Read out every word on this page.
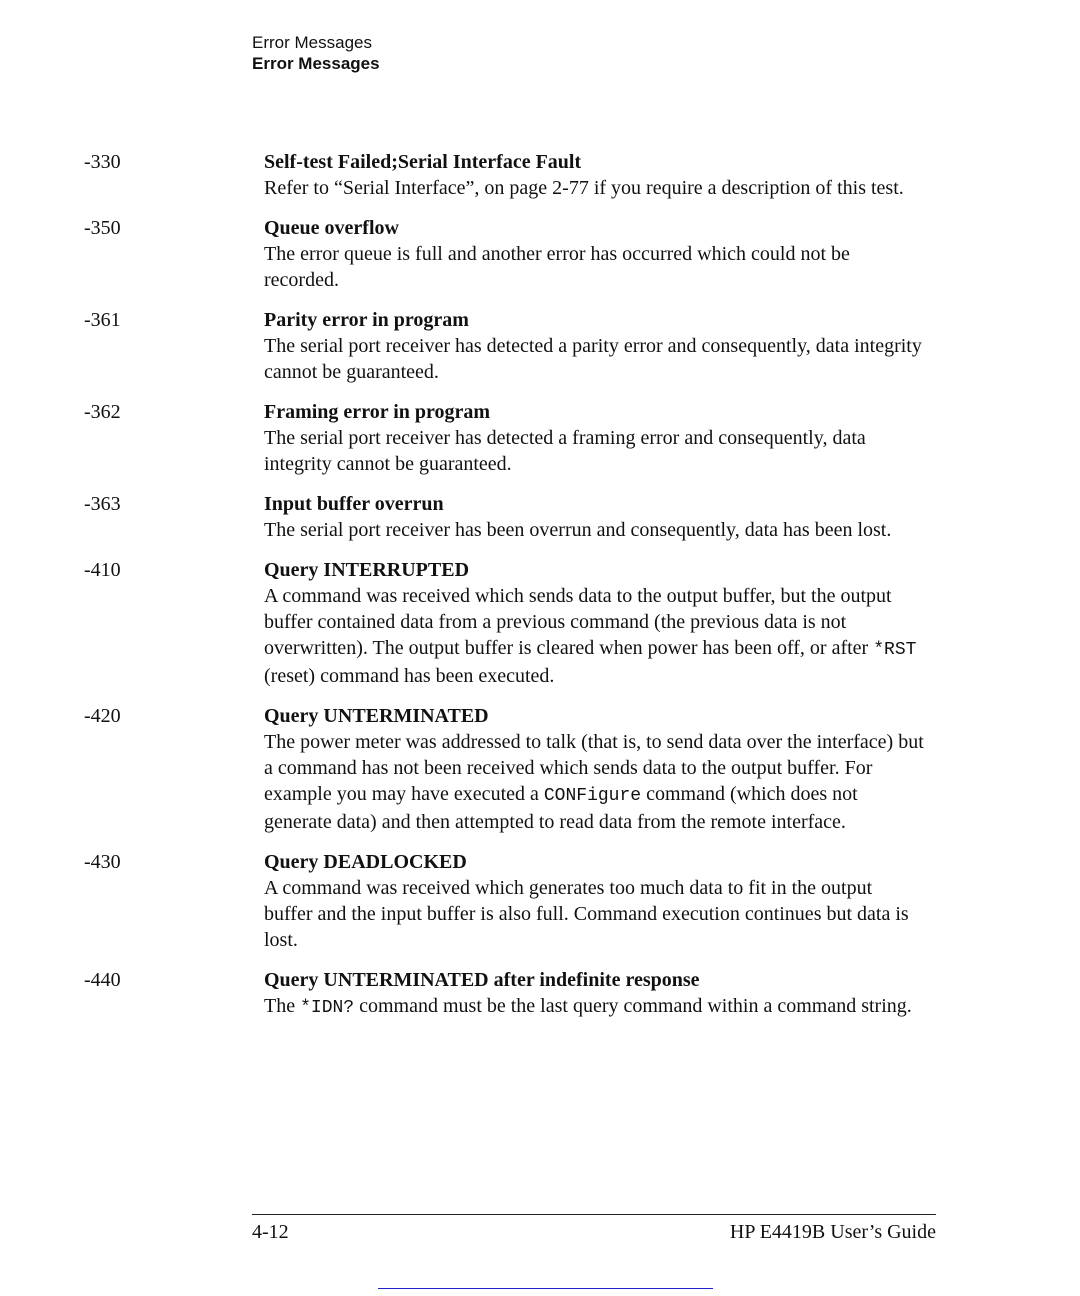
Error Messages
Error Messages
-330	Self-test Failed;Serial Interface Fault
Refer to “Serial Interface”, on page 2-77 if you require a description of this test.
-350	Queue overflow
The error queue is full and another error has occurred which could not be recorded.
-361	Parity error in program
The serial port receiver has detected a parity error and consequently, data integrity cannot be guaranteed.
-362	Framing error in program
The serial port receiver has detected a framing error and consequently, data integrity cannot be guaranteed.
-363	Input buffer overrun
The serial port receiver has been overrun and consequently, data has been lost.
-410	Query INTERRUPTED
A command was received which sends data to the output buffer, but the output buffer contained data from a previous command (the previous data is not overwritten). The output buffer is cleared when power has been off, or after *RST (reset) command has been executed.
-420	Query UNTERMINATED
The power meter was addressed to talk (that is, to send data over the interface) but a command has not been received which sends data to the output buffer. For example you may have executed a CONFigure command (which does not generate data) and then attempted to read data from the remote interface.
-430	Query DEADLOCKED
A command was received which generates too much data to fit in the output buffer and the input buffer is also full. Command execution continues but data is lost.
-440	Query UNTERMINATED after indefinite response
The *IDN? command must be the last query command within a command string.
4-12	HP E4419B User’s Guide
